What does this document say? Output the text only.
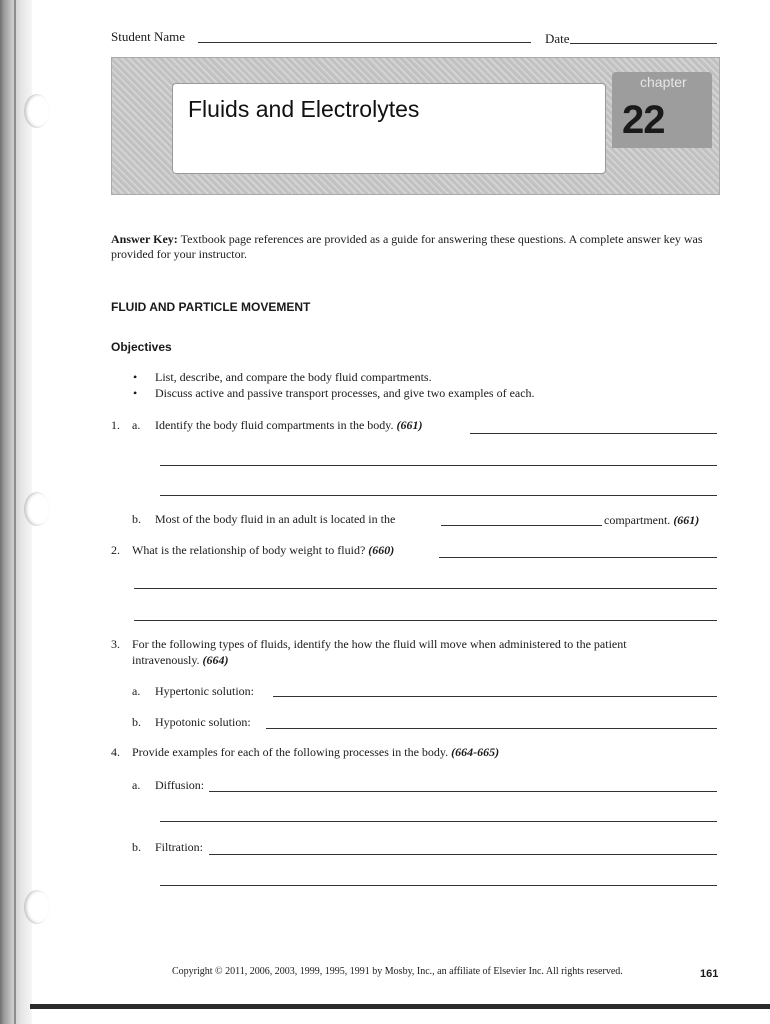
Student Name	Date
Fluids and Electrolytes
chapter
22
Answer Key: Textbook page references are provided as a guide for answering these questions. A complete answer key was provided for your instructor.
FLUID AND PARTICLE MOVEMENT
Objectives
• List, describe, and compare the body fluid compartments.
• Discuss active and passive transport processes, and give two examples of each.
1. a. Identify the body fluid compartments in the body. (661)
b. Most of the body fluid in an adult is located in the	compartment. (661)
2. What is the relationship of body weight to fluid? (660)
3. For the following types of fluids, identify the how the fluid will move when administered to the patient
intravenously. (664)
a. Hypertonic solution:
b. Hypotonic solution:
4. Provide examples for each of the following processes in the body. (664-665)
a. Diffusion:
b. Filtration:
Copyright © 2011, 2006, 2003, 1999, 1995, 1991 by Mosby, Inc., an affiliate of Elsevier Inc. All rights reserved.	161
